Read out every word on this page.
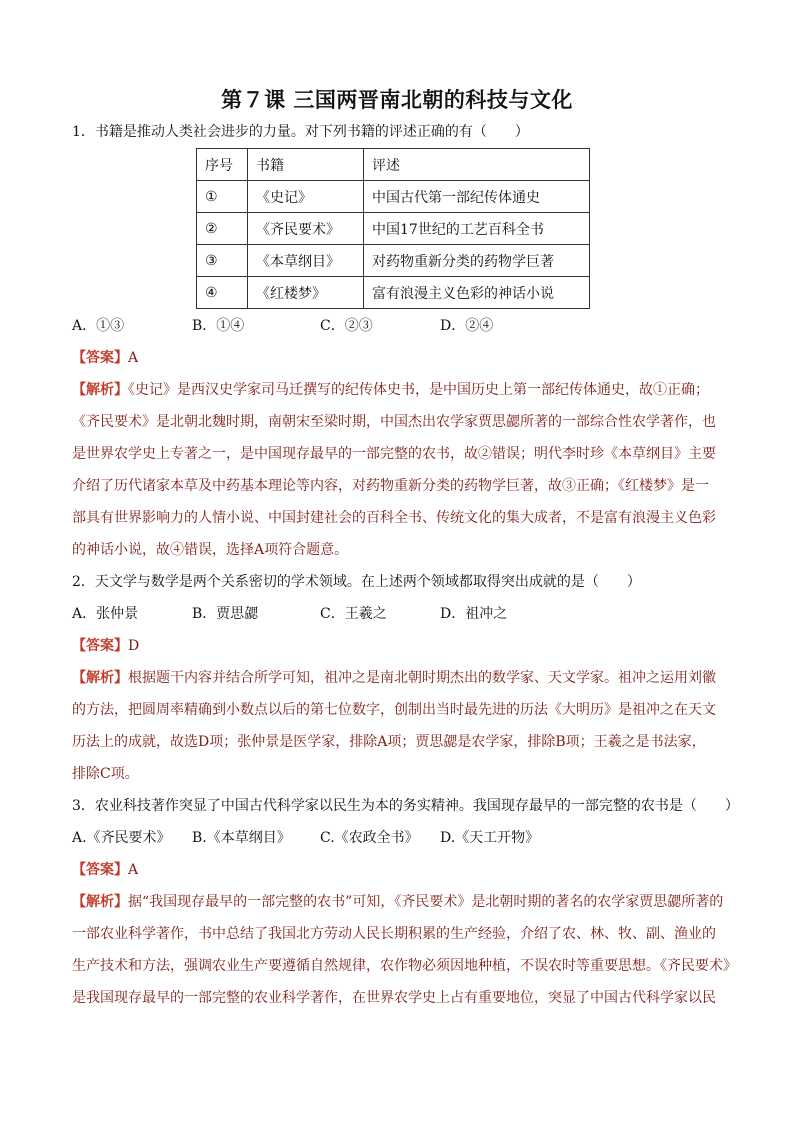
第７课 三国两晋南北朝的科技与文化
1．书籍是推动人类社会进步的力量。对下列书籍的评述正确的有（　　）
序号	书籍	评述
①	《史记》	中国古代第一部纪传体通史
②	《齐民要术》	中国17世纪的工艺百科全书
③	《本草纲目》	对药物重新分类的药物学巨著
④	《红楼梦》	富有浪漫主义色彩的神话小说
A．①③	B．①④	C．②③	D．②④
【答案】A
【解析】《史记》是西汉史学家司马迁撰写的纪传体史书，是中国历史上第一部纪传体通史，故①正确；
《齐民要术》是北朝北魏时期，南朝宋至梁时期，中国杰出农学家贾思勰所著的一部综合性农学著作，也
是世界农学史上专著之一，是中国现存最早的一部完整的农书，故②错误；明代李时珍《本草纲目》主要
介绍了历代诸家本草及中药基本理论等内容，对药物重新分类的药物学巨著，故③正确；《红楼梦》是一
部具有世界影响力的人情小说、中国封建社会的百科全书、传统文化的集大成者，不是富有浪漫主义色彩
的神话小说，故④错误，选择A项符合题意。
2．天文学与数学是两个关系密切的学术领域。在上述两个领域都取得突出成就的是（　　）
A．张仲景	B．贾思勰	C．王羲之	D．祖冲之
【答案】D
【解析】根据题干内容并结合所学可知，祖冲之是南北朝时期杰出的数学家、天文学家。祖冲之运用刘徽
的方法，把圆周率精确到小数点以后的第七位数字，创制出当时最先进的历法《大明历》是祖冲之在天文
历法上的成就，故选D项；张仲景是医学家，排除A项；贾思勰是农学家，排除B项；王羲之是书法家，
排除C项。
3．农业科技著作突显了中国古代科学家以民生为本的务实精神。我国现存最早的一部完整的农书是（　　）
A.《齐民要术》 B.《本草纲目》 C.《农政全书》 D.《天工开物》
【答案】A
【解析】据“我国现存最早的一部完整的农书”可知，《齐民要术》是北朝时期的著名的农学家贾思勰所著的
一部农业科学著作，书中总结了我国北方劳动人民长期积累的生产经验，介绍了农、林、牧、副、渔业的
生产技术和方法，强调农业生产要遵循自然规律，农作物必须因地种植，不误农时等重要思想。《齐民要术》
是我国现存最早的一部完整的农业科学著作，在世界农学史上占有重要地位，突显了中国古代科学家以民
